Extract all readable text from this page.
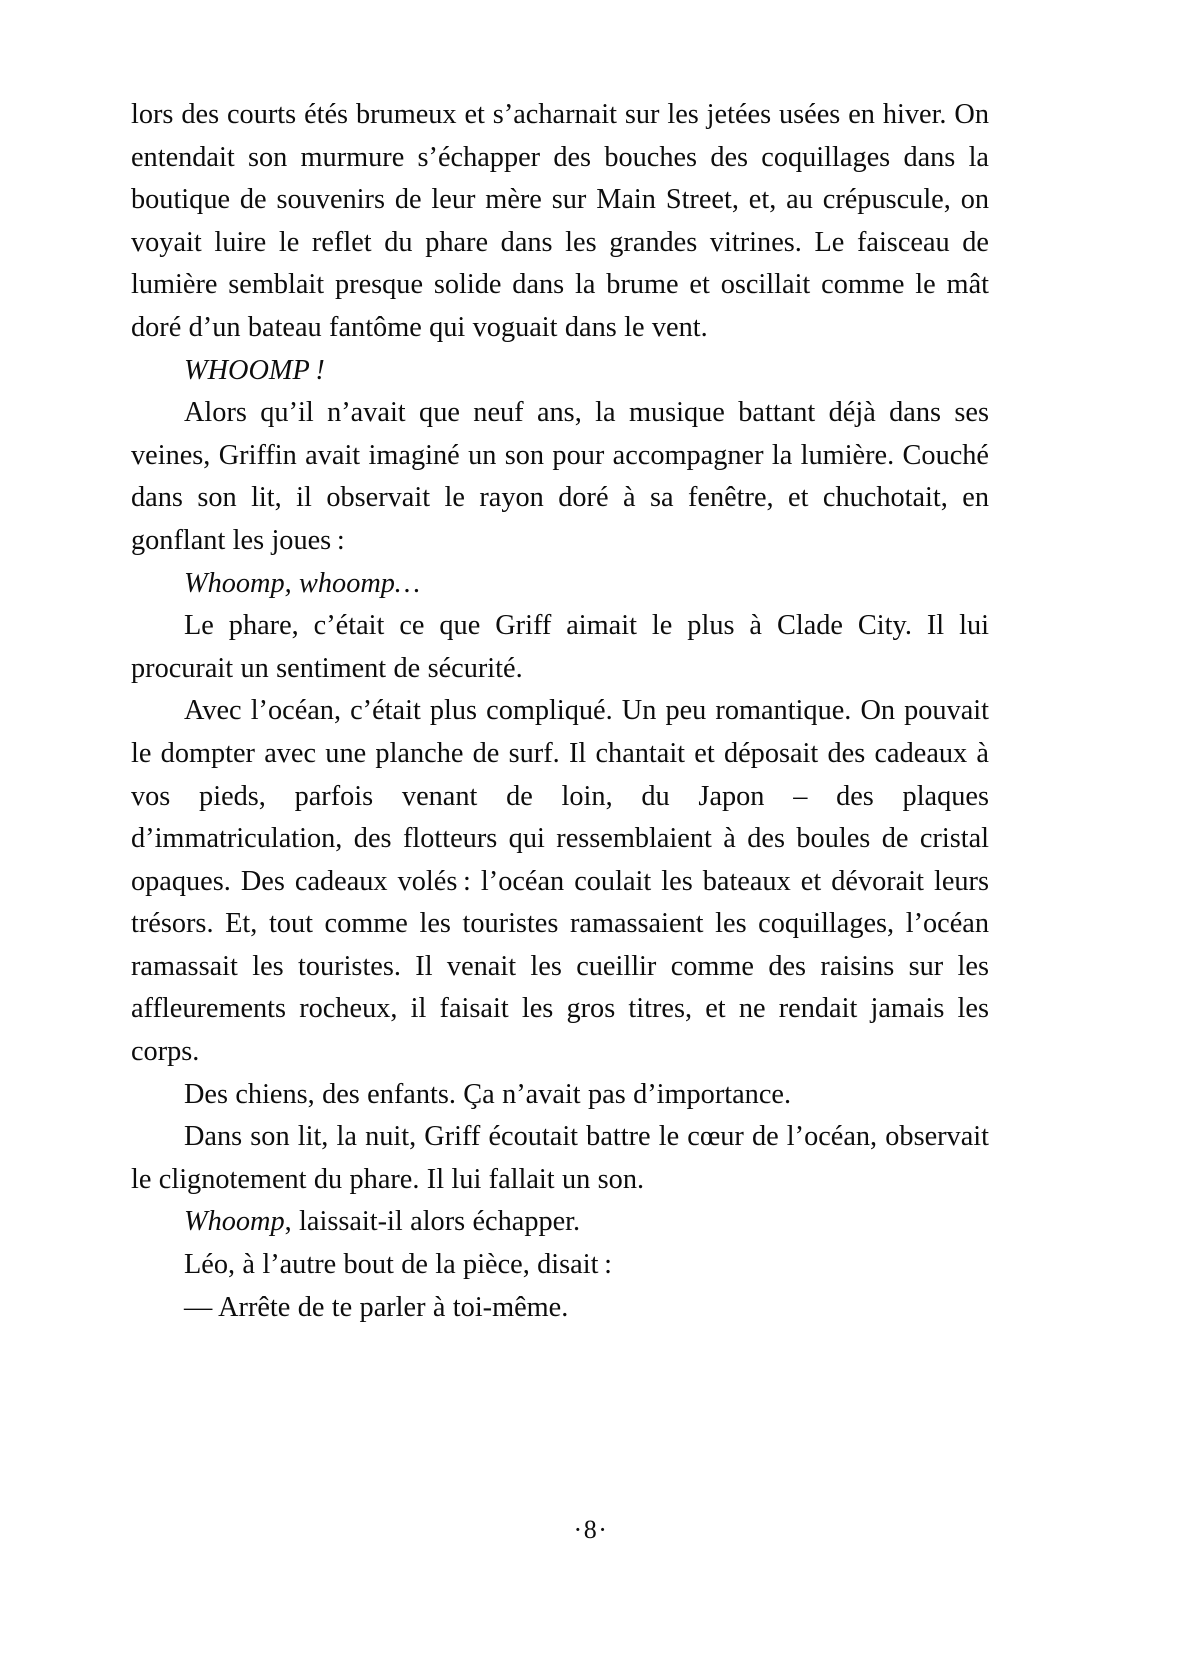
lors des courts étés brumeux et s’acharnait sur les jetées usées en hiver. On entendait son murmure s’échapper des bouches des coquillages dans la boutique de souvenirs de leur mère sur Main Street, et, au crépuscule, on voyait luire le reflet du phare dans les grandes vitrines. Le faisceau de lumière semblait presque solide dans la brume et oscillait comme le mât doré d’un bateau fantôme qui voguait dans le vent.

WHOOMP !

Alors qu’il n’avait que neuf ans, la musique battant déjà dans ses veines, Griffin avait imaginé un son pour accompagner la lumière. Couché dans son lit, il observait le rayon doré à sa fenêtre, et chuchotait, en gonflant les joues :

Whoomp, whoomp…

Le phare, c’était ce que Griff aimait le plus à Clade City. Il lui procurait un sentiment de sécurité.

Avec l’océan, c’était plus compliqué. Un peu romantique. On pouvait le dompter avec une planche de surf. Il chantait et déposait des cadeaux à vos pieds, parfois venant de loin, du Japon – des plaques d’immatriculation, des flotteurs qui ressemblaient à des boules de cristal opaques. Des cadeaux volés : l’océan coulait les bateaux et dévorait leurs trésors. Et, tout comme les touristes ramassaient les coquillages, l’océan ramassait les touristes. Il venait les cueillir comme des raisins sur les affleurements rocheux, il faisait les gros titres, et ne rendait jamais les corps.

Des chiens, des enfants. Ça n’avait pas d’importance.

Dans son lit, la nuit, Griff écoutait battre le cœur de l’océan, observait le clignotement du phare. Il lui fallait un son.

Whoomp, laissait-il alors échapper.

Léo, à l’autre bout de la pièce, disait :

— Arrête de te parler à toi-même.

·8·
